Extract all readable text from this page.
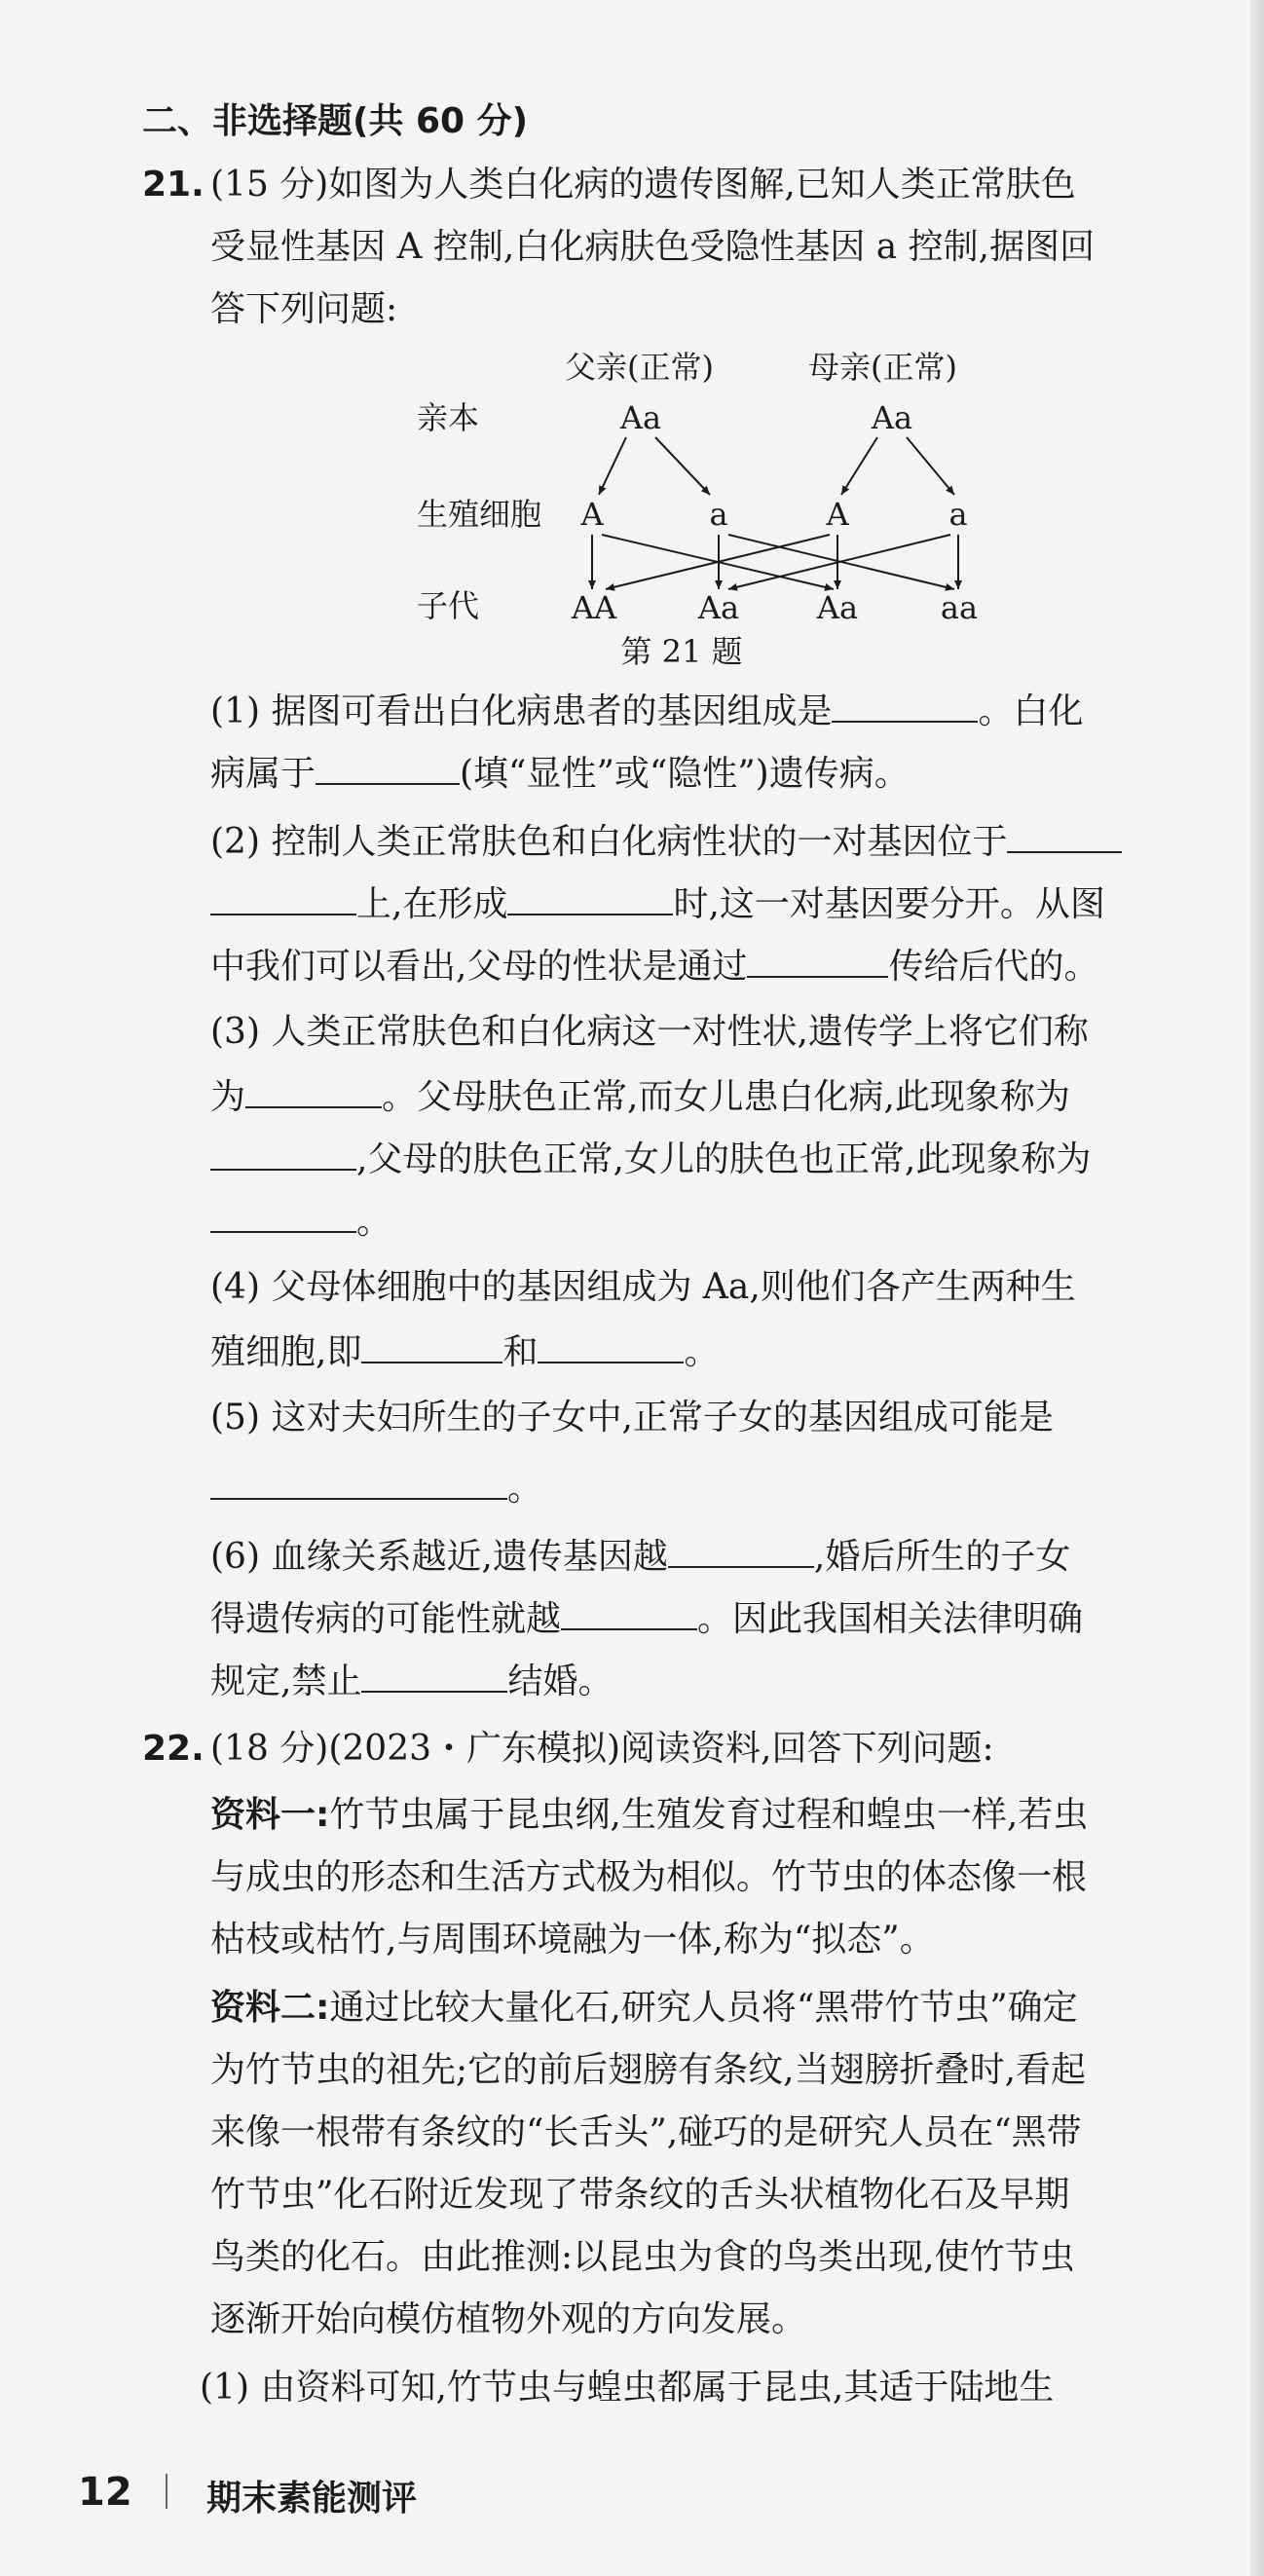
二、非选择题(共 60 分)
21. (15 分)如图为人类白化病的遗传图解,已知人类正常肤色
受显性基因 A 控制,白化病肤色受隐性基因 a 控制,据图回
答下列问题:
父亲(正常)	母亲(正常)
亲本
生殖细胞
子代
Aa	Aa
A	a	A	a
AA	Aa Aa	aa
第 21 题
(1) 据图可看出白化病患者的基因组成是	。白化
病属于	(填“显性”或“隐性”)遗传病。
(2) 控制人类正常肤色和白化病性状的一对基因位于
上,在形成	时,这一对基因要分开。从图
中我们可以看出,父母的性状是通过	传给后代的。
(3) 人类正常肤色和白化病这一对性状,遗传学上将它们称
为	。父母肤色正常,而女儿患白化病,此现象称为
,父母的肤色正常,女儿的肤色也正常,此现象称为
。
(4) 父母体细胞中的基因组成为 Aa,则他们各产生两种生
殖细胞,即	和	。
(5) 这对夫妇所生的子女中,正常子女的基因组成可能是
。
(6) 血缘关系越近,遗传基因越	,婚后所生的子女
得遗传病的可能性就越	。因此我国相关法律明确
规定,禁止	结婚。
22. (18 分)(2023・广东模拟)阅读资料,回答下列问题:
资料一:竹节虫属于昆虫纲,生殖发育过程和蝗虫一样,若虫
与成虫的形态和生活方式极为相似。竹节虫的体态像一根
枯枝或枯竹,与周围环境融为一体,称为“拟态”。
资料二:通过比较大量化石,研究人员将“黑带竹节虫”确定
为竹节虫的祖先;它的前后翅膀有条纹,当翅膀折叠时,看起
来像一根带有条纹的“长舌头”,碰巧的是研究人员在“黑带
竹节虫”化石附近发现了带条纹的舌头状植物化石及早期
鸟类的化石。由此推测:以昆虫为食的鸟类出现,使竹节虫
逐渐开始向模仿植物外观的方向发展。
(1) 由资料可知,竹节虫与蝗虫都属于昆虫,其适于陆地生
12 期末素能测评
